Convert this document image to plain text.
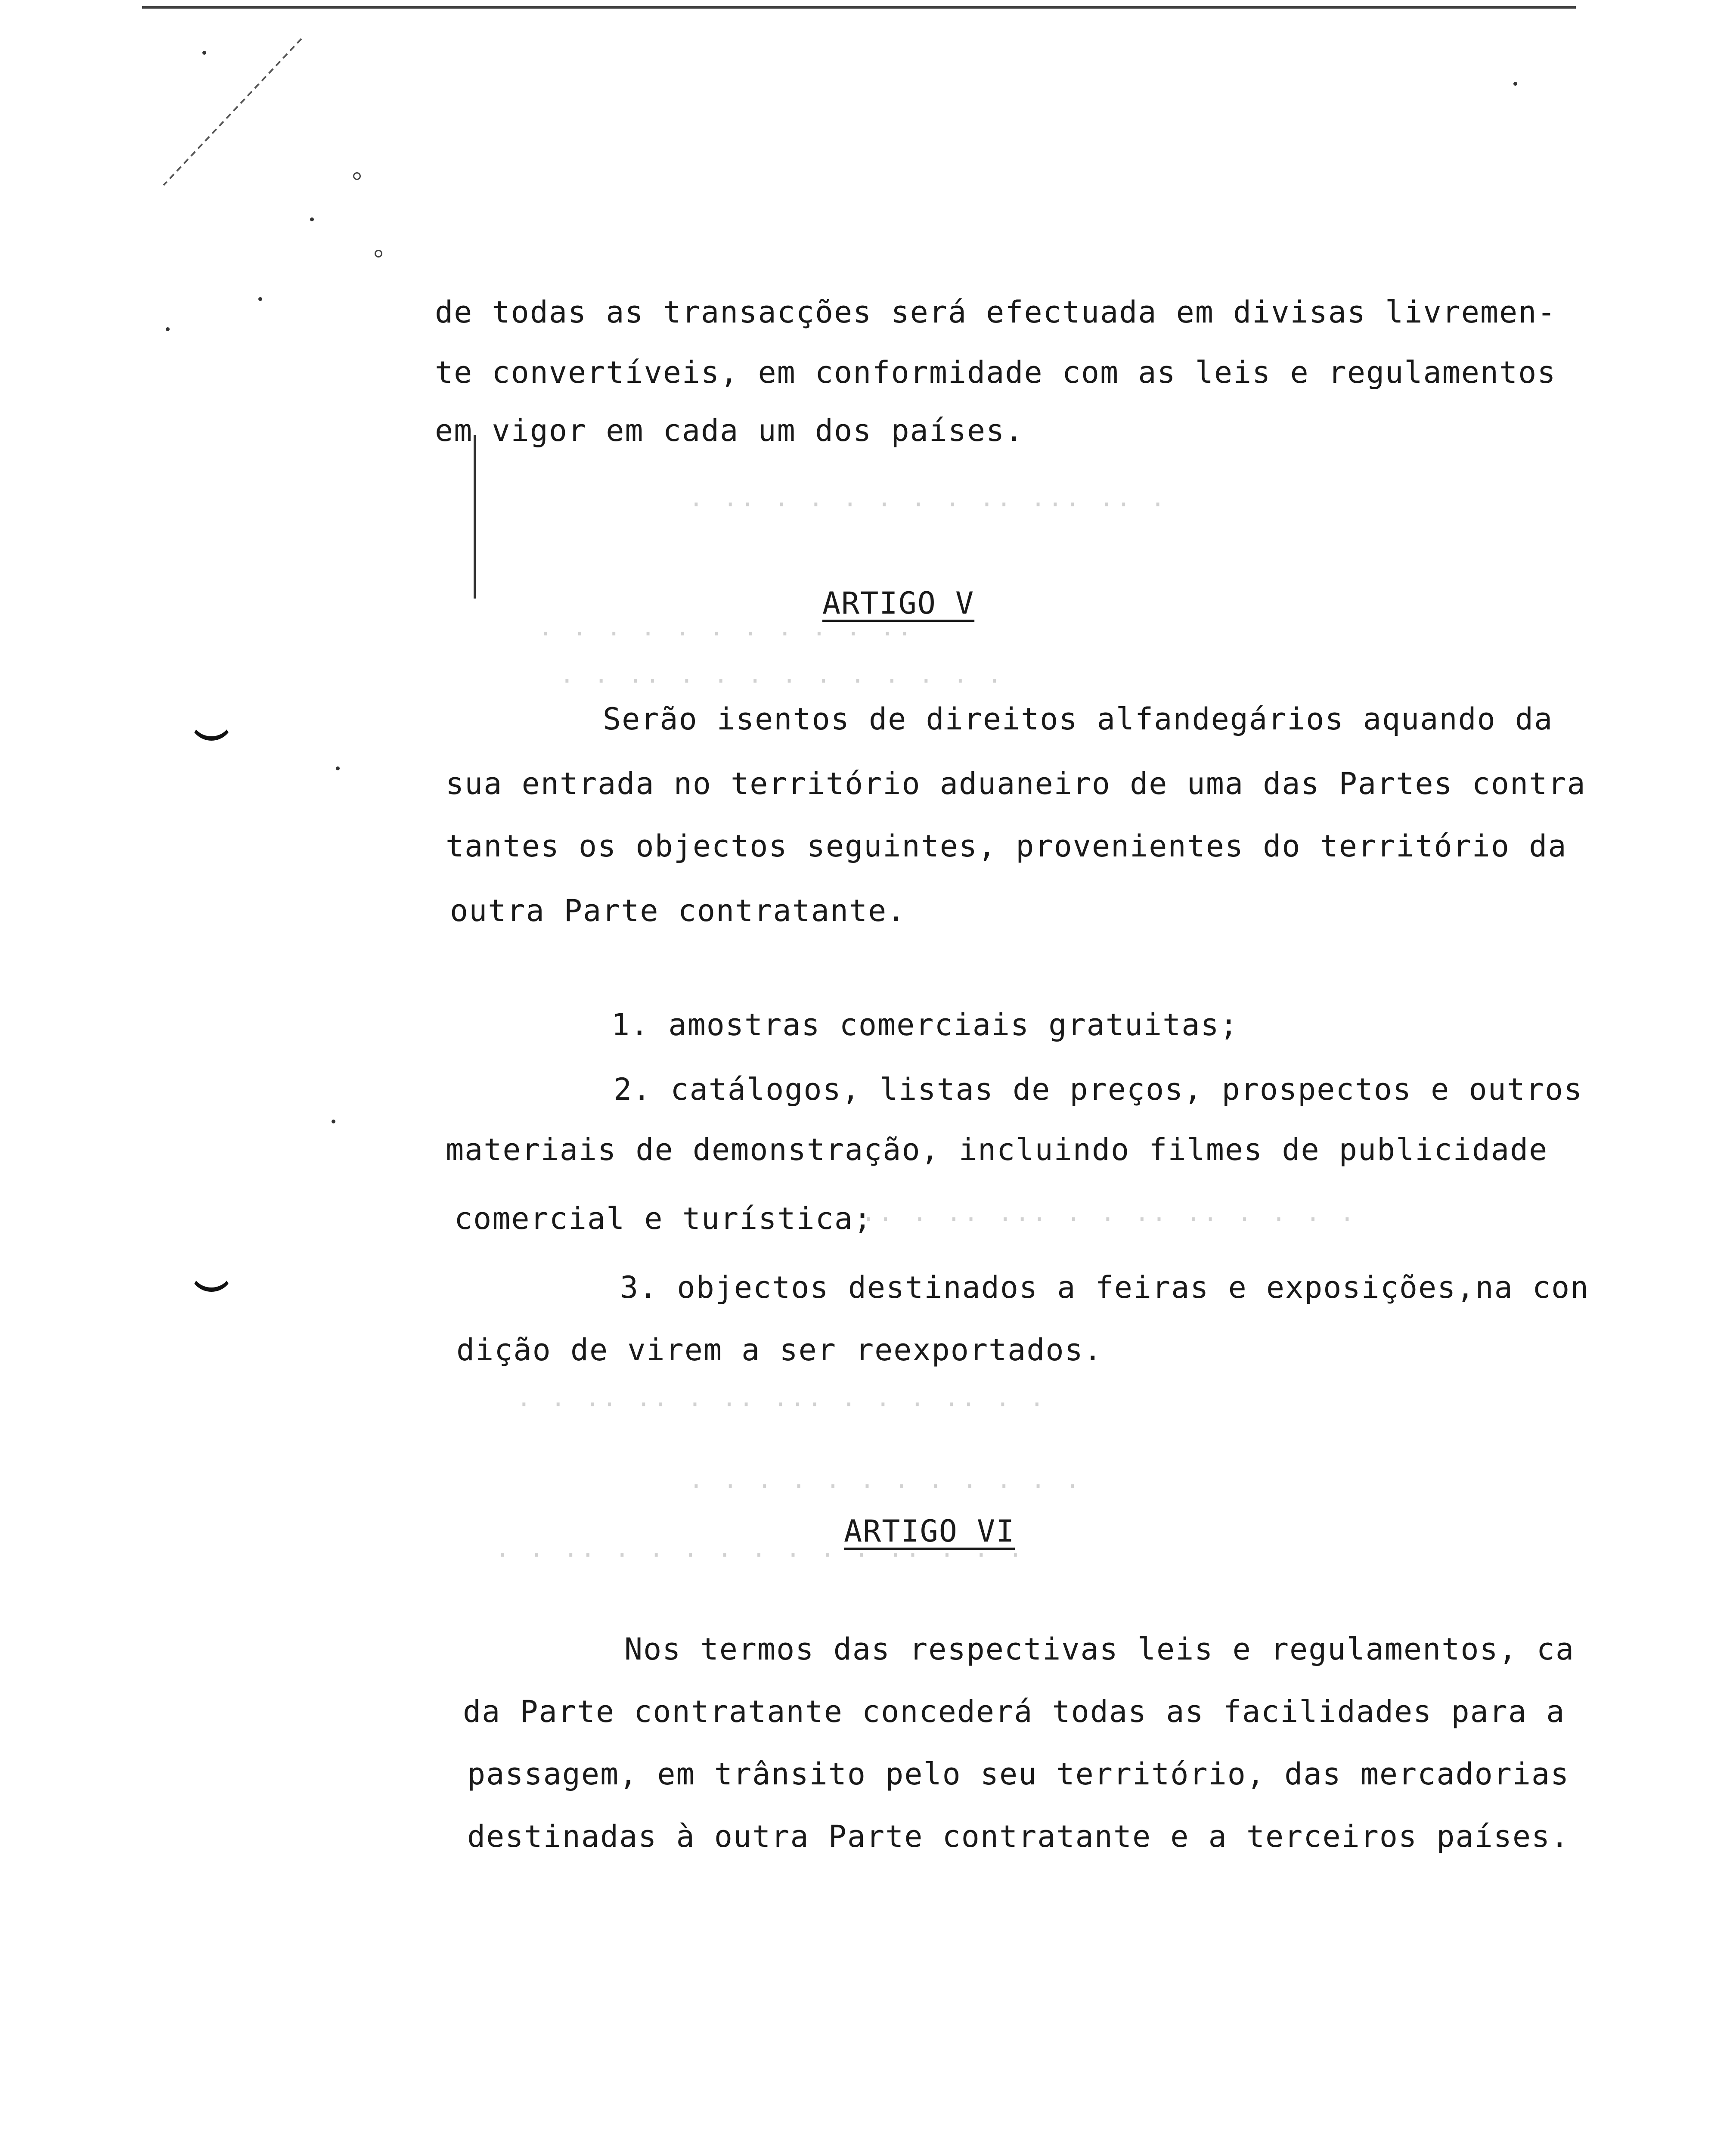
de todas as transacções será efectuada em divisas livremen-
te convertíveis, em conformidade com as leis e regulamentos
em vigor em cada um dos países.
· ·· · · · · · · ·· ··· ·· ·
· · · · · · · · · · ··
· · ·· · · · · · · · · · ·
ARTIGO V
Serão isentos de direitos alfandegários aquando da
sua entrada no território aduaneiro de uma das Partes contra
tantes os objectos seguintes, provenientes do território da
outra Parte contratante.
1. amostras comerciais gratuitas;
2. catálogos, listas de preços, prospectos e outros
materiais de demonstração, incluindo filmes de publicidade
comercial e turística;
·· · ·· ··· · · ·· ·· · · · ·
3. objectos destinados a feiras e exposições,na con
dição de virem a ser reexportados.
· · ·· ·· · ·· ··· · · · ·· · ·
· · · · · · · · · · · ·
ARTIGO VI
· · ·· · · · · · · · · ·· · · ·
Nos termos das respectivas leis e regulamentos, ca
da Parte contratante concederá todas as facilidades para a
passagem, em trânsito pelo seu território, das mercadorias
destinadas à outra Parte contratante e a terceiros países.
